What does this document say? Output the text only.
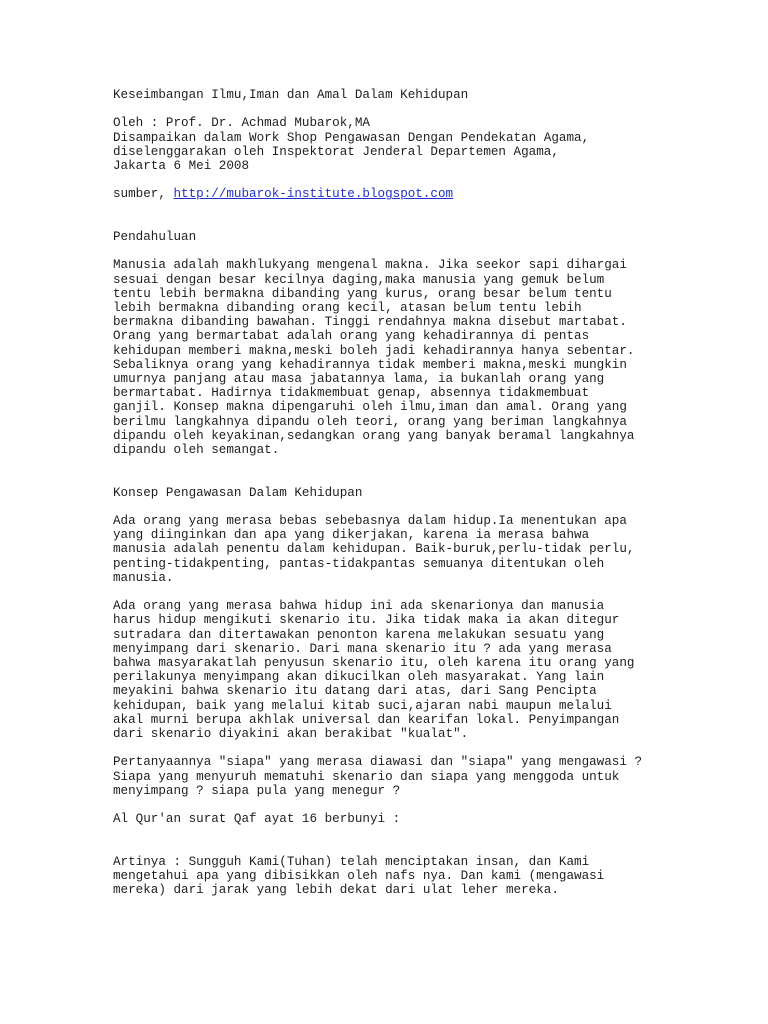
Keseimbangan Ilmu,Iman dan Amal Dalam Kehidupan
Oleh : Prof. Dr. Achmad Mubarok,MA
Disampaikan dalam Work Shop Pengawasan Dengan Pendekatan Agama,
diselenggarakan oleh Inspektorat Jenderal Departemen Agama,
Jakarta 6 Mei 2008
sumber, http://mubarok-institute.blogspot.com
Pendahuluan
Manusia adalah makhlukyang mengenal makna. Jika seekor sapi dihargai
sesuai dengan besar kecilnya daging,maka manusia yang gemuk belum
tentu lebih bermakna dibanding yang kurus, orang besar belum tentu
lebih bermakna dibanding orang kecil, atasan belum tentu lebih
bermakna dibanding bawahan. Tinggi rendahnya makna disebut martabat.
Orang yang bermartabat adalah orang yang kehadirannya di pentas
kehidupan memberi makna,meski boleh jadi kehadirannya hanya sebentar.
Sebaliknya orang yang kehadirannya tidak memberi makna,meski mungkin
umurnya panjang atau masa jabatannya lama, ia bukanlah orang yang
bermartabat. Hadirnya tidakmembuat genap, absennya tidakmembuat
ganjil. Konsep makna dipengaruhi oleh ilmu,iman dan amal. Orang yang
berilmu langkahnya dipandu oleh teori, orang yang beriman langkahnya
dipandu oleh keyakinan,sedangkan orang yang banyak beramal langkahnya
dipandu oleh semangat.
Konsep Pengawasan Dalam Kehidupan
Ada orang yang merasa bebas sebebasnya dalam hidup.Ia menentukan apa
yang diinginkan dan apa yang dikerjakan, karena ia merasa bahwa
manusia adalah penentu dalam kehidupan. Baik-buruk,perlu-tidak perlu,
penting-tidakpenting, pantas-tidakpantas semuanya ditentukan oleh
manusia.
Ada orang yang merasa bahwa hidup ini ada skenarionya dan manusia
harus hidup mengikuti skenario itu. Jika tidak maka ia akan ditegur
sutradara dan ditertawakan penonton karena melakukan sesuatu yang
menyimpang dari skenario. Dari mana skenario itu ? ada yang merasa
bahwa masyarakatlah penyusun skenario itu, oleh karena itu orang yang
perilakunya menyimpang akan dikucilkan oleh masyarakat. Yang lain
meyakini bahwa skenario itu datang dari atas, dari Sang Pencipta
kehidupan, baik yang melalui kitab suci,ajaran nabi maupun melalui
akal murni berupa akhlak universal dan kearifan lokal. Penyimpangan
dari skenario diyakini akan berakibat "kualat".
Pertanyaannya "siapa" yang merasa diawasi dan "siapa" yang mengawasi ?
Siapa yang menyuruh mematuhi skenario dan siapa yang menggoda untuk
menyimpang ? siapa pula yang menegur ?
Al Qur'an surat Qaf ayat 16 berbunyi :
Artinya : Sungguh Kami(Tuhan) telah menciptakan insan, dan Kami
mengetahui apa yang dibisikkan oleh nafs nya. Dan kami (mengawasi
mereka) dari jarak yang lebih dekat dari ulat leher mereka.
